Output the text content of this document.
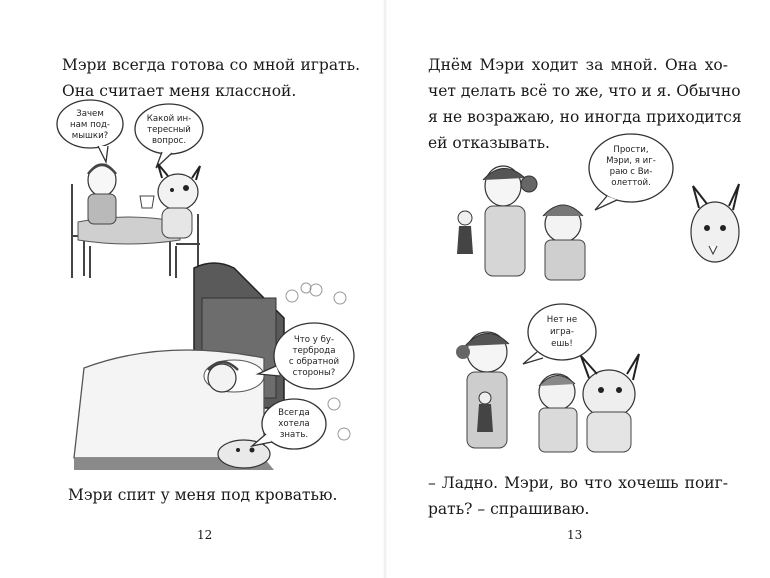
Мэри всегда готова со мной играть.
Она считает меня классной.
Зачем
нам под-
мышки?
Какой ин-
тересный
вопрос.
Что у бу-
терброда
с обратной
стороны?
Всегда
хотела
знать.
Мэри спит у меня под кроватью.
12
Днём Мэри ходит за мной. Она хо-
чет делать всё то же, что и я. Обычно
я не возражаю, но иногда приходится
ей отказывать.	Прости,
Мэри, я иг-
раю с Ви-
олеттой.
Нет не
игра-
ешь!
– Ладно. Мэри, во что хочешь поиг-
рать? – спрашиваю.
13
